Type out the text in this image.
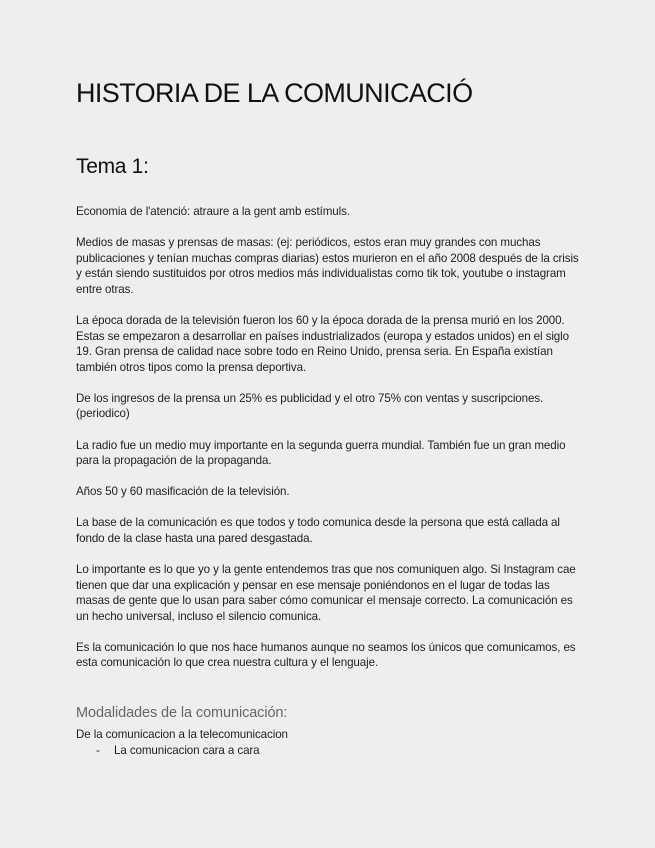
HISTORIA DE LA COMUNICACIÓ
Tema 1:

Economia de l'atenció: atraure a la gent amb estímuls.

Medios de masas y prensas de masas: (ej: periódicos, estos eran muy grandes con muchas publicaciones y tenían muchas compras diarias) estos murieron en el año 2008 después de la crisis y están siendo sustituidos por otros medios más individualistas como tik tok, youtube o instagram entre otras.

La época dorada de la televisión fueron los 60 y la época dorada de la prensa murió en los 2000. Estas se empezaron a desarrollar en países industrializados (europa y estados unidos) en el siglo 19. Gran prensa de calidad nace sobre todo en Reino Unido, prensa seria. En España existían también otros tipos como la prensa deportiva.

De los ingresos de la prensa un 25% es publicidad y el otro 75% con ventas y suscripciones. (periodico)

La radio fue un medio muy importante en la segunda guerra mundial. También fue un gran medio para la propagación de la propaganda.

Años 50 y 60 masificación de la televisión.

La base de la comunicación es que todos y todo comunica desde la persona que está callada al fondo de la clase hasta una pared desgastada.

Lo importante es lo que yo y la gente entendemos tras que nos comuniquen algo. Si Instagram cae tienen que dar una explicación y pensar en ese mensaje poniéndonos en el lugar de todas las masas de gente que lo usan para saber cómo comunicar el mensaje correcto. La comunicación es un hecho universal, incluso el silencio comunica.

Es la comunicación lo que nos hace humanos aunque no seamos los únicos que comunicamos, es esta comunicación lo que crea nuestra cultura y el lenguaje.

Modalidades de la comunicación:

De la comunicacion a la telecomunicacion

- La comunicacion cara a cara
